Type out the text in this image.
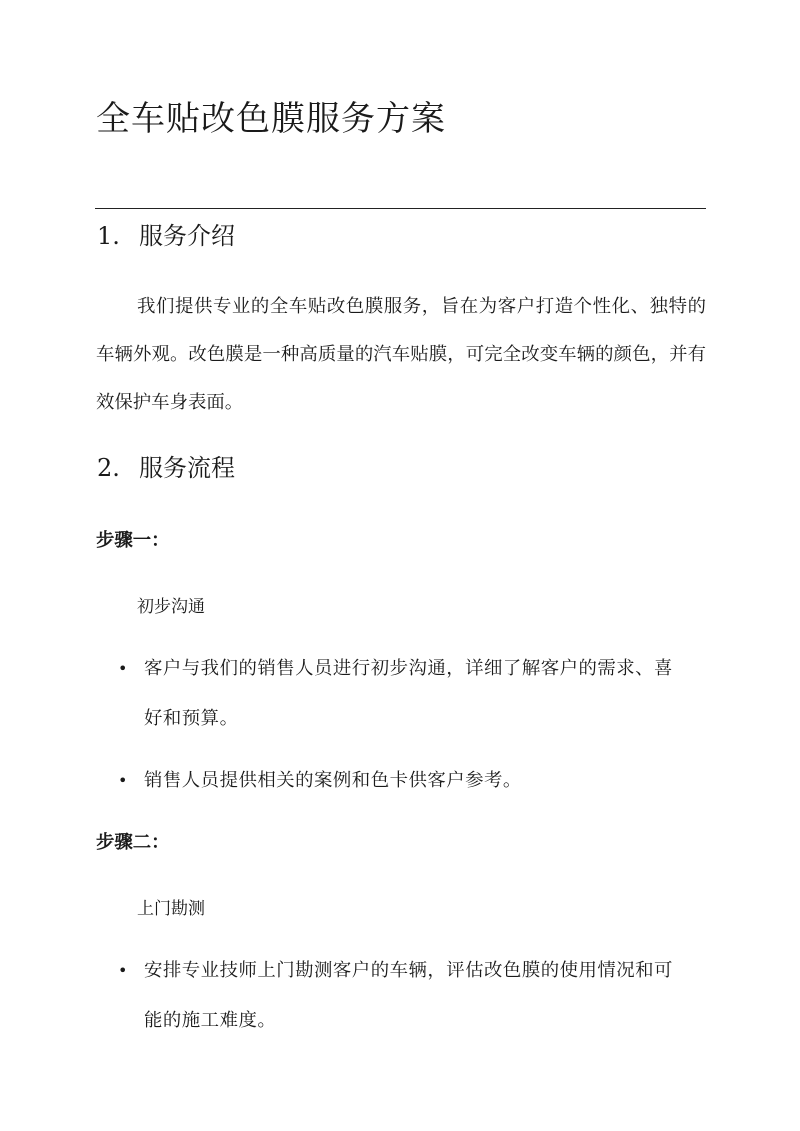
全车贴改色膜服务方案
1. 服务介绍

我们提供专业的全车贴改色膜服务，旨在为客户打造个性化、独特的车辆外观。改色膜是一种高质量的汽车贴膜，可完全改变车辆的颜色，并有效保护车身表面。

2. 服务流程

步骤一：

初步沟通

• 客户与我们的销售人员进行初步沟通，详细了解客户的需求、喜好和预算。
• 销售人员提供相关的案例和色卡供客户参考。

步骤二：

上门勘测

• 安排专业技师上门勘测客户的车辆，评估改色膜的使用情况和可能的施工难度。
